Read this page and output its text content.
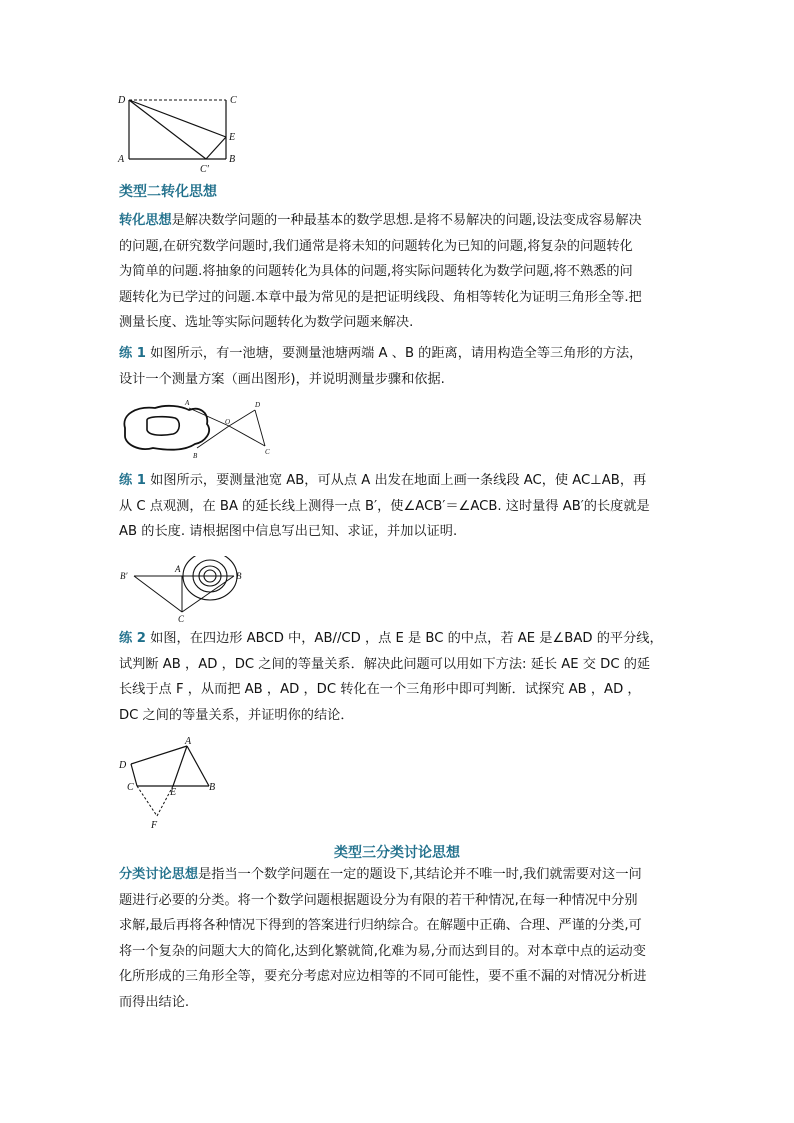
D	C
E
A
C'
B
类型二转化思想
转化思想是解决数学问题的一种最基本的数学思想.是将不易解决的问题,设法变成容易解决
的问题,在研究数学问题时,我们通常是将未知的问题转化为已知的问题,将复杂的问题转化
为简单的问题.将抽象的问题转化为具体的问题,将实际问题转化为数学问题,将不熟悉的问
题转化为已学过的问题.本章中最为常见的是把证明线段、角相等转化为证明三角形全等.把
测量长度、选址等实际问题转化为数学问题来解决.
练 1 如图所示，有一池塘，要测量池塘两端 A 、B 的距离，请用构造全等三角形的方法，
设计一个测量方案（画出图形)，并说明测量步骤和依据.
A	D
O
B	C
练 1 如图所示，要测量池宽 AB，可从点 A 出发在地面上画一条线段 AC，使 AC⊥AB，再
从 C 点观测，在 BA 的延长线上测得一点 B′，使∠ACB′＝∠ACB. 这时量得 AB′的长度就是
AB 的长度. 请根据图中信息写出已知、求证，并加以证明.
B′
A
B
C
练 2 如图，在四边形 ABCD 中，AB//CD ，点 E 是 BC 的中点，若 AE 是∠BAD 的平分线，
试判断 AB ，AD ，DC 之间的等量关系．解决此问题可以用如下方法: 延长 AE 交 DC 的延
长线于点 F ，从而把 AB ，AD ，DC 转化在一个三角形中即可判断．试探究 AB ，AD ，
DC 之间的等量关系，并证明你的结论．
A
D
C	E	B
F
类型三分类讨论思想
分类讨论思想是指当一个数学问题在一定的题设下,其结论并不唯一时,我们就需要对这一问
题进行必要的分类。将一个数学问题根据题设分为有限的若干种情况,在每一种情况中分别
求解,最后再将各种情况下得到的答案进行归纳综合。在解题中正确、合理、严谨的分类,可
将一个复杂的问题大大的简化,达到化繁就简,化难为易,分而达到目的。对本章中点的运动变
化所形成的三角形全等，要充分考虑对应边相等的不同可能性，要不重不漏的对情况分析进
而得出结论.
